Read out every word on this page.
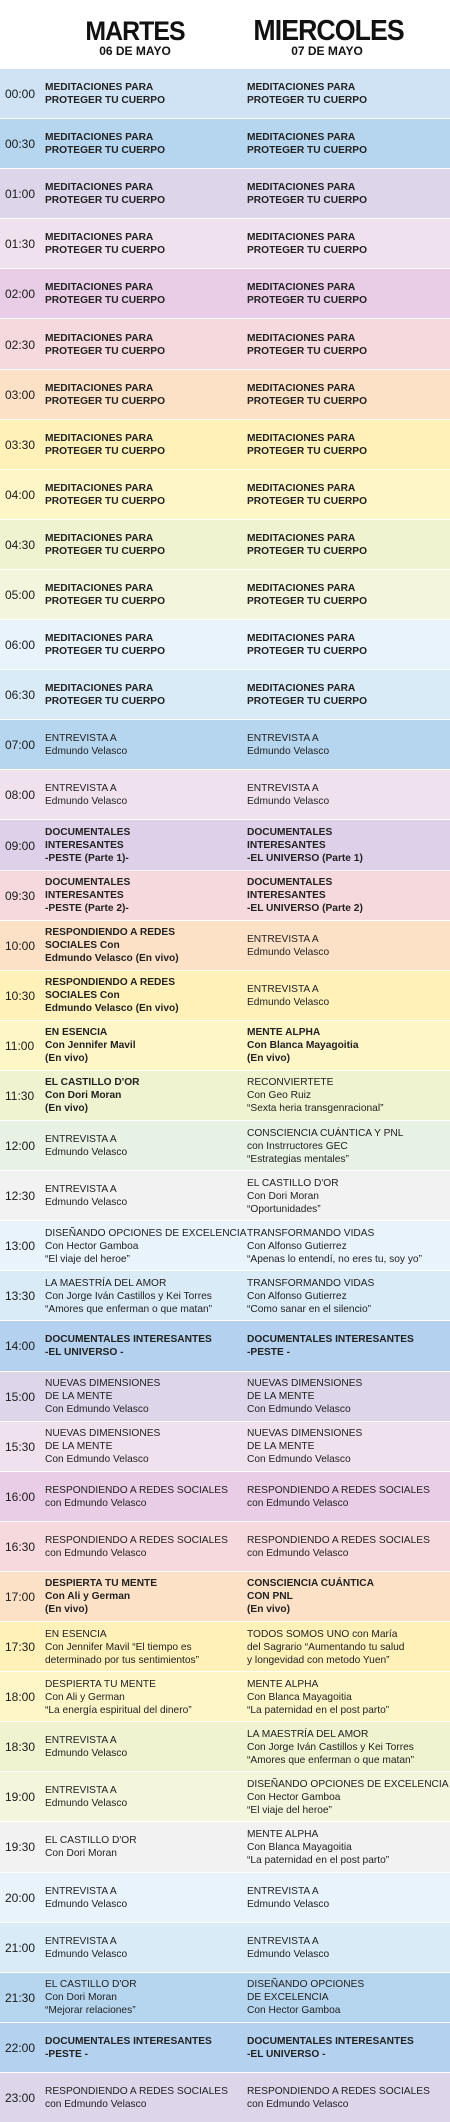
MARTES
06 DE MAYO
MIERCOLES
07 DE MAYO
00:00 MEDITACIONES PARA
PROTEGER TU CUERPO
MEDITACIONES PARA
PROTEGER TU CUERPO
00:30 MEDITACIONES PARA
PROTEGER TU CUERPO
MEDITACIONES PARA
PROTEGER TU CUERPO
01:00 MEDITACIONES PARA
PROTEGER TU CUERPO
MEDITACIONES PARA
PROTEGER TU CUERPO
01:30 MEDITACIONES PARA
PROTEGER TU CUERPO
MEDITACIONES PARA
PROTEGER TU CUERPO
02:00 MEDITACIONES PARA
PROTEGER TU CUERPO
MEDITACIONES PARA
PROTEGER TU CUERPO
02:30 MEDITACIONES PARA
PROTEGER TU CUERPO
MEDITACIONES PARA
PROTEGER TU CUERPO
03:00 MEDITACIONES PARA
PROTEGER TU CUERPO
MEDITACIONES PARA
PROTEGER TU CUERPO
03:30 MEDITACIONES PARA
PROTEGER TU CUERPO
MEDITACIONES PARA
PROTEGER TU CUERPO
04:00 MEDITACIONES PARA
PROTEGER TU CUERPO
MEDITACIONES PARA
PROTEGER TU CUERPO
04:30 MEDITACIONES PARA
PROTEGER TU CUERPO
MEDITACIONES PARA
PROTEGER TU CUERPO
05:00 MEDITACIONES PARA
PROTEGER TU CUERPO
MEDITACIONES PARA
PROTEGER TU CUERPO
06:00 MEDITACIONES PARA
PROTEGER TU CUERPO
MEDITACIONES PARA
PROTEGER TU CUERPO
06:30 MEDITACIONES PARA
PROTEGER TU CUERPO
MEDITACIONES PARA
PROTEGER TU CUERPO
07:00 ENTREVISTA A
Edmundo Velasco
ENTREVISTA A
Edmundo Velasco
08:00 ENTREVISTA A
Edmundo Velasco
ENTREVISTA A
Edmundo Velasco
09:00
DOCUMENTALES
INTERESANTES
-PESTE (Parte 1)-
DOCUMENTALES
INTERESANTES
-EL UNIVERSO (Parte 1)
09:30
DOCUMENTALES
INTERESANTES
-PESTE (Parte 2)-
DOCUMENTALES
INTERESANTES
-EL UNIVERSO (Parte 2)
10:00
RESPONDIENDO A REDES
SOCIALES Con
Edmundo Velasco (En vivo)
ENTREVISTA A
Edmundo Velasco
10:30
RESPONDIENDO A REDES
SOCIALES Con
Edmundo Velasco (En vivo)
ENTREVISTA A
Edmundo Velasco
11:00
EN ESENCIA
Con Jennifer Mavil
(En vivo)
MENTE ALPHA
Con Blanca Mayagoitia
(En vivo)
11:30
EL CASTILLO D'OR
Con Dori Moran
(En vivo)
RECONVIERTETE
Con Geo Ruiz
“Sexta heria transgenracional”
12:00 ENTREVISTA A
Edmundo Velasco
CONSCIENCIA CUÁNTICA Y PNL
con Instrructores GEC
“Estrategias mentales”
12:30 ENTREVISTA A
Edmundo Velasco
EL CASTILLO D'OR
Con Dori Moran
“Oportunidades”
13:00
DISEÑANDO OPCIONES DE EXCELENCIA
Con Hector Gamboa
“El viaje del heroe”
TRANSFORMANDO VIDAS
Con Alfonso Gutierrez
“Apenas lo entendí, no eres tu, soy yo”
13:30
LA MAESTRÍA DEL AMOR
Con Jorge Iván Castillos y Kei Torres
“Amores que enferman o que matan”
TRANSFORMANDO VIDAS
Con Alfonso Gutierrez
“Como sanar en el silencio”
14:00 DOCUMENTALES INTERESANTES
-EL UNIVERSO -
DOCUMENTALES INTERESANTES
-PESTE -
15:00
NUEVAS DIMENSIONES
DE LA MENTE
Con Edmundo Velasco
NUEVAS DIMENSIONES
DE LA MENTE
Con Edmundo Velasco
15:30
NUEVAS DIMENSIONES
DE LA MENTE
Con Edmundo Velasco
NUEVAS DIMENSIONES
DE LA MENTE
Con Edmundo Velasco
16:00 RESPONDIENDO A REDES SOCIALES
con Edmundo Velasco
RESPONDIENDO A REDES SOCIALES
con Edmundo Velasco
16:30 RESPONDIENDO A REDES SOCIALES
con Edmundo Velasco
RESPONDIENDO A REDES SOCIALES
con Edmundo Velasco
17:00
DESPIERTA TU MENTE
Con Ali y German
(En vivo)
CONSCIENCIA CUÁNTICA
CON PNL
(En vivo)
17:30
EN ESENCIA
Con Jennifer Mavil “El tiempo es
determinado por tus sentimientos”
TODOS SOMOS UNO con María
del Sagrario “Aumentando tu salud
y longevidad con metodo Yuen”
18:00
DESPIERTA TU MENTE
Con Ali y German
“La energía espiritual del dinero”
MENTE ALPHA
Con Blanca Mayagoitia
“La paternidad en el post parto”
18:30 ENTREVISTA A
Edmundo Velasco
LA MAESTRÍA DEL AMOR
Con Jorge Iván Castillos y Kei Torres
“Amores que enferman o que matan”
19:00 ENTREVISTA A
Edmundo Velasco
DISEÑANDO OPCIONES DE EXCELENCIA
Con Hector Gamboa
“El viaje del heroe”
19:30 EL CASTILLO D'OR
Con Dori Moran
MENTE ALPHA
Con Blanca Mayagoitia
“La paternidad en el post parto”
20:00 ENTREVISTA A
Edmundo Velasco
ENTREVISTA A
Edmundo Velasco
21:00 ENTREVISTA A
Edmundo Velasco
ENTREVISTA A
Edmundo Velasco
21:30
EL CASTILLO D'OR
Con Dori Moran
“Mejorar relaciones”
DISEÑANDO OPCIONES
DE EXCELENCIA
Con Hector Gamboa
22:00 DOCUMENTALES INTERESANTES
-PESTE -
DOCUMENTALES INTERESANTES
-EL UNIVERSO -
23:00 RESPONDIENDO A REDES SOCIALES
con Edmundo Velasco
RESPONDIENDO A REDES SOCIALES
con Edmundo Velasco
